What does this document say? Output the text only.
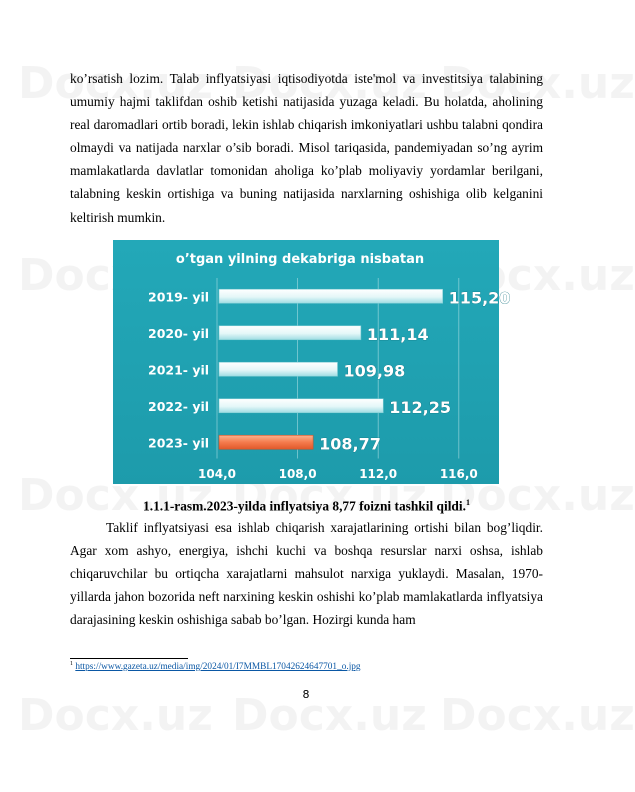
ko’rsatish lozim. Talab inflyatsiyasi iqtisodiyotda iste'mol va investitsiya talabining umumiy hajmi taklifdan oshib ketishi natijasida yuzaga keladi. Bu holatda, aholining real daromadlari ortib boradi, lekin ishlab chiqarish imkoniyatlari ushbu talabni qondira olmaydi va natijada narxlar o’sib boradi. Misol tariqasida, pandemiyadan so’ng ayrim mamlakatlarda davlatlar tomonidan aholiga ko’plab moliyaviy yordamlar berilgani, talabning keskin ortishiga va buning natijasida narxlarning oshishiga olib kelganini keltirish mumkin.

o’tgan yilning dekabriga nisbatan
104,0	108,0	112,0	116,0
2019- yil	115,20
2020- yil	111,14
2021- yil	109,98
2022- yil	112,25
2023- yil	108,77
1.1.1-rasm.2023-yilda inflyatsiya 8,77 foizni tashkil qildi.$^1$

Taklif inflyatsiyasi esa ishlab chiqarish xarajatlarining ortishi bilan bog’liqdir. Agar xom ashyo, energiya, ishchi kuchi va boshqa resurslar narxi oshsa, ishlab chiqaruvchilar bu ortiqcha xarajatlarni mahsulot narxiga yuklaydi. Masalan, 1970-yillarda jahon bozorida neft narxining keskin oshishi ko’plab mamlakatlarda inflyatsiya darajasining keskin oshishiga sabab bo’lgan. Hozirgi kunda ham

$^1$ https://www.gazeta.uz/media/img/2024/01/I7MMBL17042624647701_o.jpg
8
